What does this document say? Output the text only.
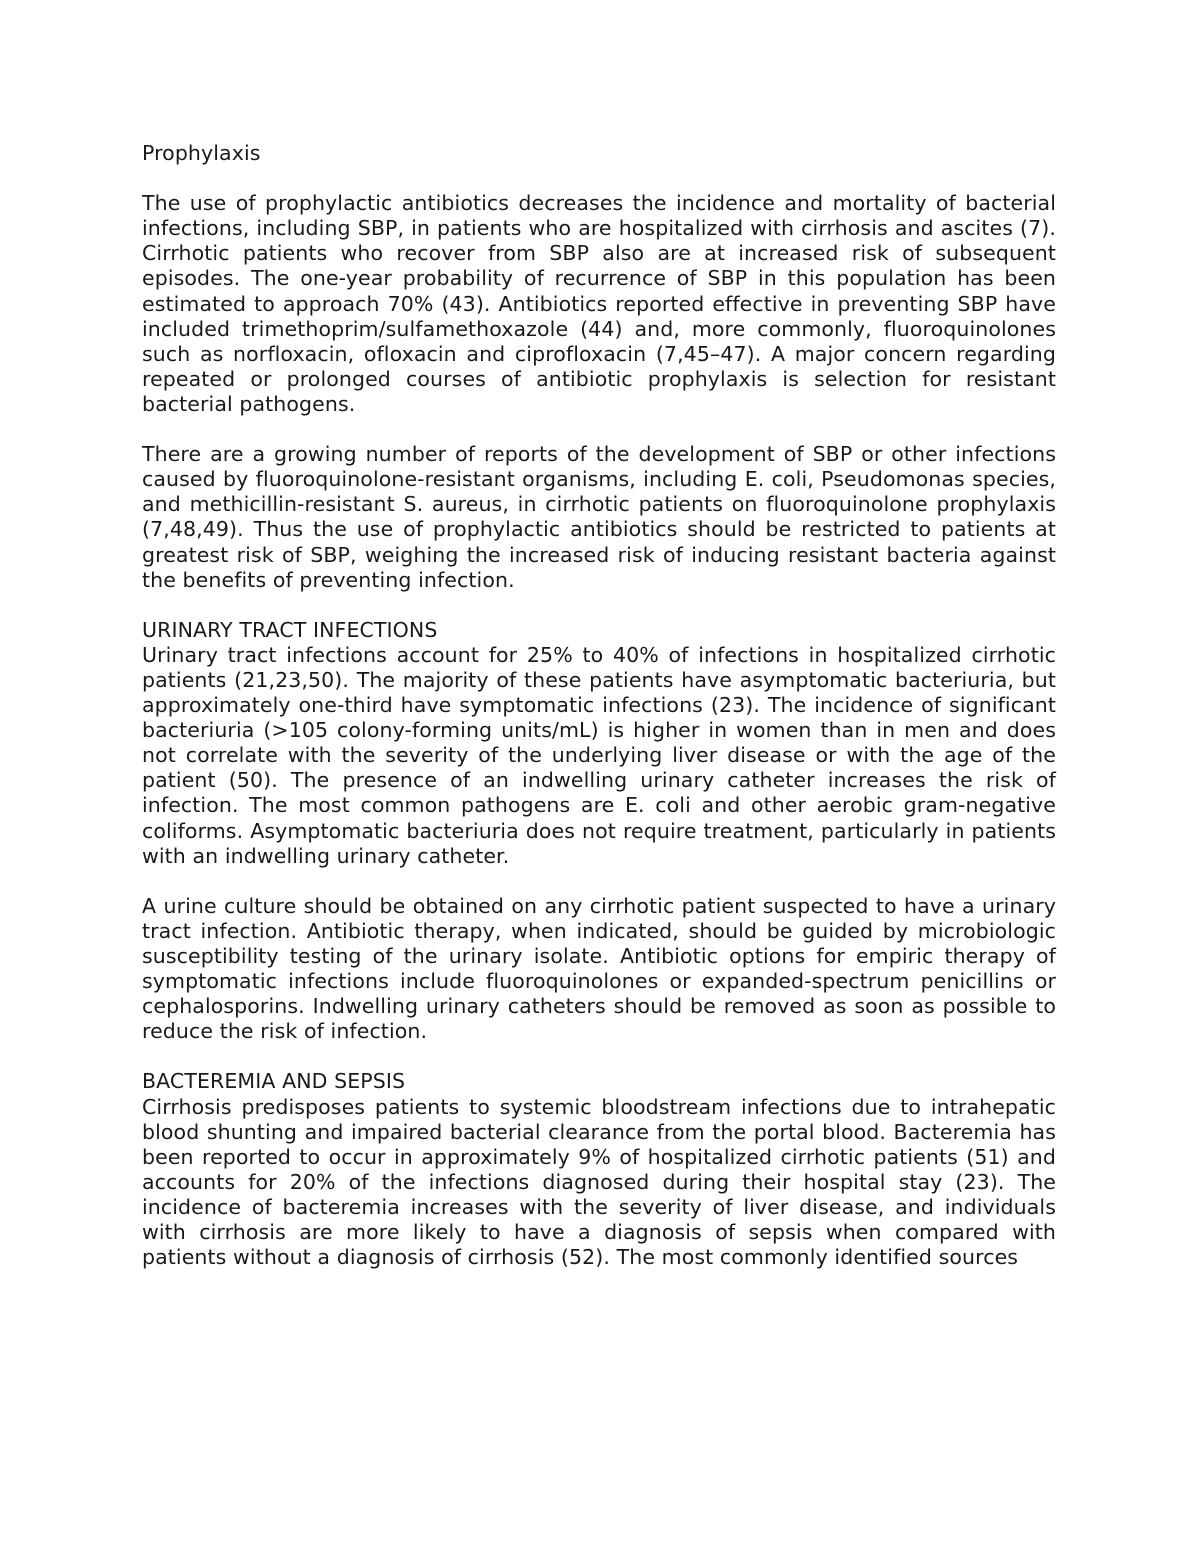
Prophylaxis

The use of prophylactic antibiotics decreases the incidence and mortality of bacterial infections, including SBP, in patients who are hospitalized with cirrhosis and ascites (7). Cirrhotic patients who recover from SBP also are at increased risk of subsequent episodes. The one-year probability of recurrence of SBP in this population has been estimated to approach 70% (43). Antibiotics reported effective in preventing SBP have included trimethoprim/sulfamethoxazole (44) and, more commonly, fluoroquinolones such as norfloxacin, ofloxacin and ciprofloxacin (7,45–47). A major concern regarding repeated or prolonged courses of antibiotic prophylaxis is selection for resistant bacterial pathogens.

There are a growing number of reports of the development of SBP or other infections caused by fluoroquinolone-resistant organisms, including E. coli, Pseudomonas species, and methicillin-resistant S. aureus, in cirrhotic patients on fluoroquinolone prophylaxis (7,48,49). Thus the use of prophylactic antibiotics should be restricted to patients at greatest risk of SBP, weighing the increased risk of inducing resistant bacteria against the benefits of preventing infection.

URINARY TRACT INFECTIONS

Urinary tract infections account for 25% to 40% of infections in hospitalized cirrhotic patients (21,23,50). The majority of these patients have asymptomatic bacteriuria, but approximately one-third have symptomatic infections (23). The incidence of significant bacteriuria (>105 colony-forming units/mL) is higher in women than in men and does not correlate with the severity of the underlying liver disease or with the age of the patient (50). The presence of an indwelling urinary catheter increases the risk of infection. The most common pathogens are E. coli and other aerobic gram-negative coliforms. Asymptomatic bacteriuria does not require treatment, particularly in patients with an indwelling urinary catheter.

A urine culture should be obtained on any cirrhotic patient suspected to have a urinary tract infection. Antibiotic therapy, when indicated, should be guided by microbiologic susceptibility testing of the urinary isolate. Antibiotic options for empiric therapy of symptomatic infections include fluoroquinolones or expanded-spectrum penicillins or cephalosporins. Indwelling urinary catheters should be removed as soon as possible to reduce the risk of infection.

BACTEREMIA AND SEPSIS

Cirrhosis predisposes patients to systemic bloodstream infections due to intrahepatic blood shunting and impaired bacterial clearance from the portal blood. Bacteremia has been reported to occur in approximately 9% of hospitalized cirrhotic patients (51) and accounts for 20% of the infections diagnosed during their hospital stay (23). The incidence of bacteremia increases with the severity of liver disease, and individuals with cirrhosis are more likely to have a diagnosis of sepsis when compared with patients without a diagnosis of cirrhosis (52). The most commonly identified sources
